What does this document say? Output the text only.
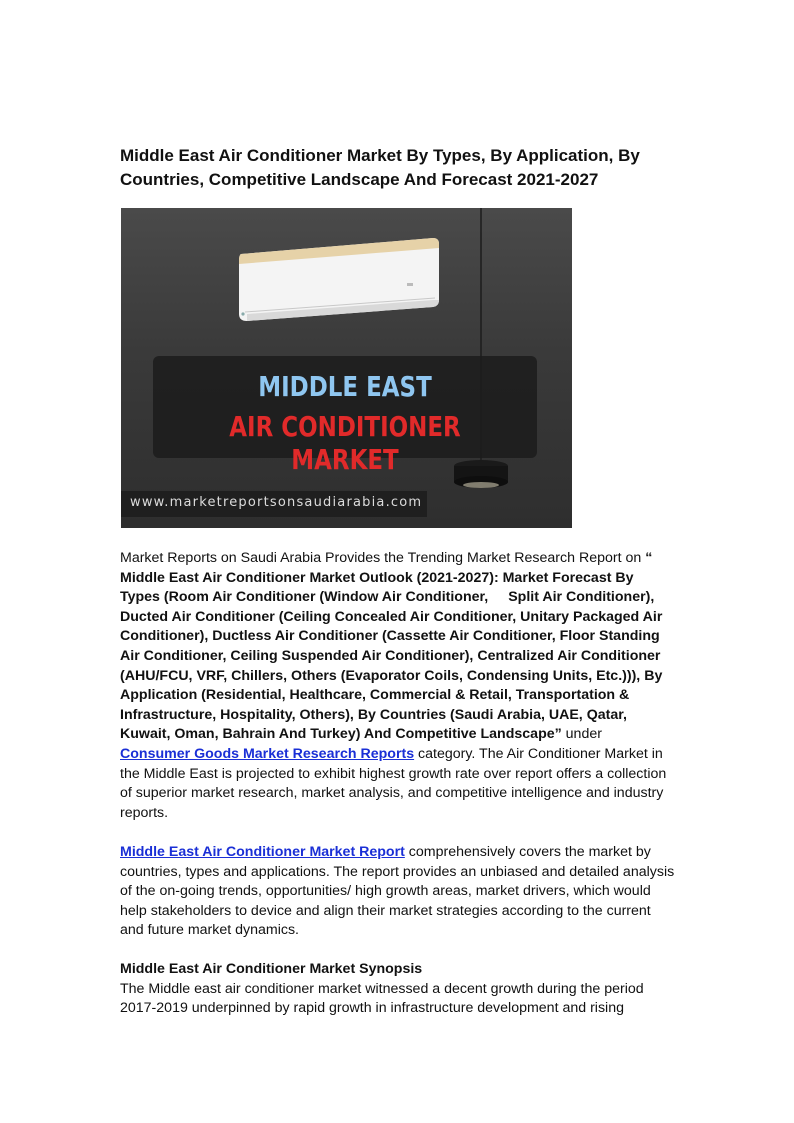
Middle East Air Conditioner Market By Types, By Application, By Countries, Competitive Landscape And Forecast 2021-2027
MIDDLE EAST
AIR CONDITIONER MARKET
www.marketreportsonsaudiarabia.com

Market Reports on Saudi Arabia Provides the Trending Market Research Report on “
Middle East Air Conditioner Market Outlook (2021-2027): Market Forecast By Types (Room Air Conditioner (Window Air Conditioner, Split Air Conditioner), Ducted Air Conditioner (Ceiling Concealed Air Conditioner, Unitary Packaged Air Conditioner), Ductless Air Conditioner (Cassette Air Conditioner, Floor Standing Air Conditioner, Ceiling Suspended Air Conditioner), Centralized Air Conditioner (AHU/FCU, VRF, Chillers, Others (Evaporator Coils, Condensing Units, Etc.))), By Application (Residential, Healthcare, Commercial & Retail, Transportation & Infrastructure, Hospitality, Others), By Countries (Saudi Arabia, UAE, Qatar, Kuwait, Oman, Bahrain And Turkey) And Competitive Landscape” under Consumer Goods Market Research Reports category. The Air Conditioner Market in the Middle East is projected to exhibit highest growth rate over report offers a collection of superior market research, market analysis, and competitive intelligence and industry reports.

Middle East Air Conditioner Market Report comprehensively covers the market by countries, types and applications. The report provides an unbiased and detailed analysis of the on-going trends, opportunities/ high growth areas, market drivers, which would help stakeholders to device and align their market strategies according to the current and future market dynamics.

Middle East Air Conditioner Market Synopsis
The Middle east air conditioner market witnessed a decent growth during the period 2017-2019 underpinned by rapid growth in infrastructure development and rising
